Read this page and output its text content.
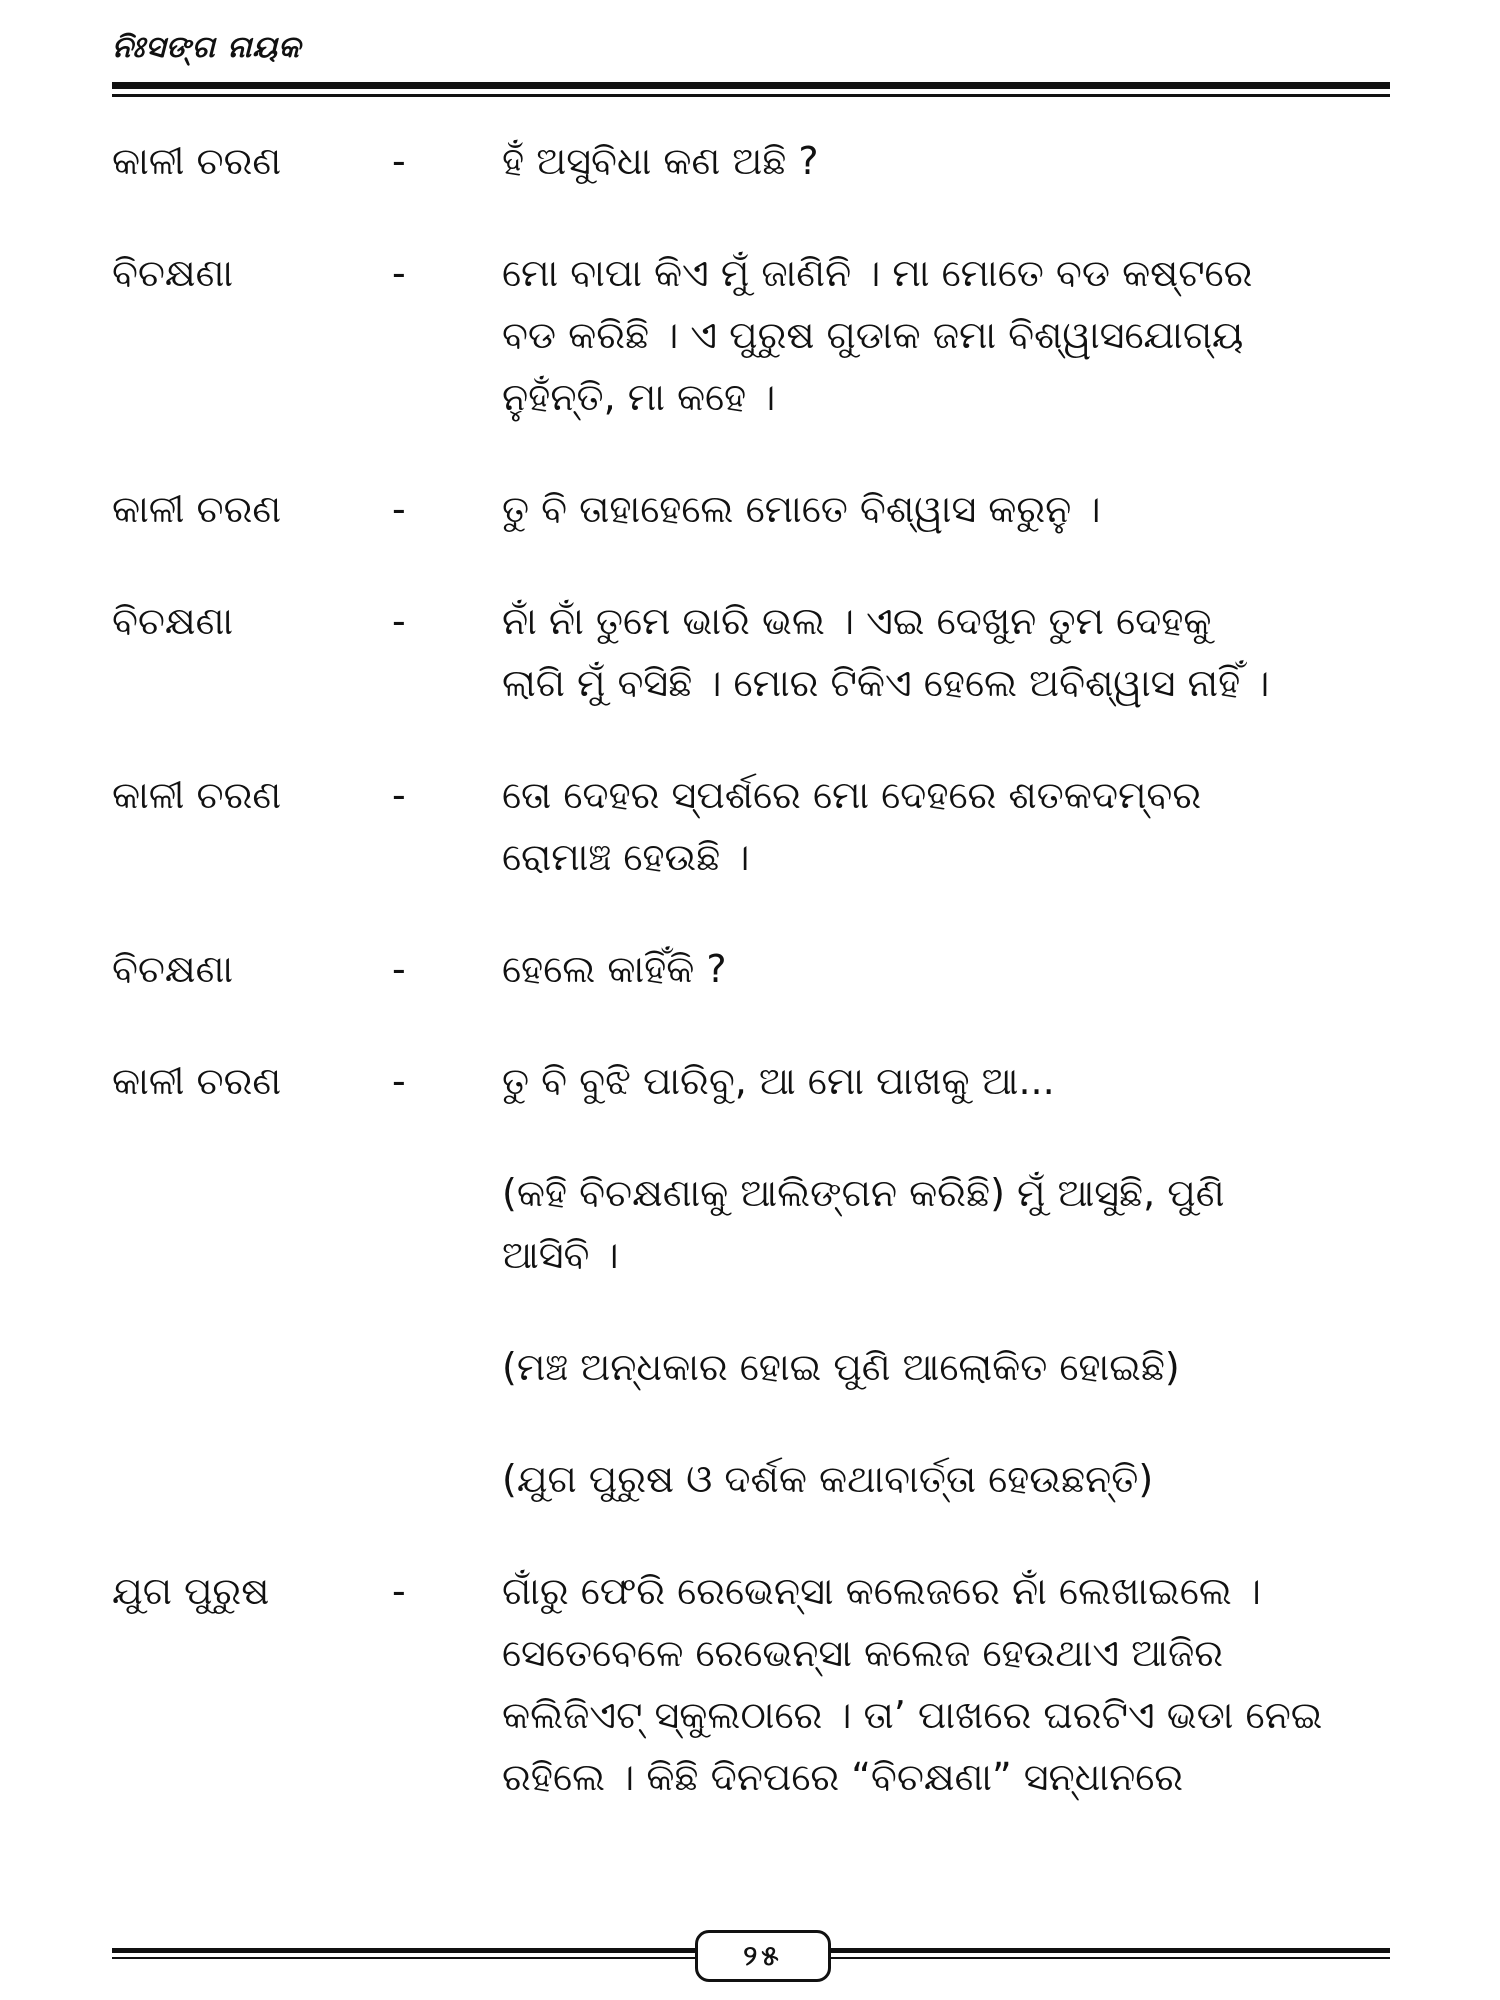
ନିଃସଙ୍ଗ ନାୟକ
କାଳୀ ଚରଣ	-	ହଁ ଅସୁବିଧା କଣ ଅଛି ?
ବିଚକ୍ଷଣା	-	ମୋ ବାପା କିଏ ମୁଁ ଜାଣିନି । ମା ମୋତେ ବଡ କଷ୍ଟରେ
ବଡ କରିଛି । ଏ ପୁରୁଷ ଗୁଡାକ ଜମା ବିଶ୍ୱାସଯୋଗ୍ୟ
ନୁହଁନ୍ତି, ମା କହେ ।
କାଳୀ ଚରଣ	-	ତୁ ବି ତାହାହେଲେ ମୋତେ ବିଶ୍ୱାସ କରୁନୁ ।
ବିଚକ୍ଷଣା	-	ନାଁ ନାଁ ତୁମେ ଭାରି ଭଲ । ଏଇ ଦେଖୁନ ତୁମ ଦେହକୁ
ଲାଗି ମୁଁ ବସିଛି । ମୋର ଟିକିଏ ହେଲେ ଅବିଶ୍ୱାସ ନାହିଁ ।
କାଳୀ ଚରଣ	-	ତୋ ଦେହର ସ୍ପର୍ଶରେ ମୋ ଦେହରେ ଶତକଦମ୍ବର
ରୋମାଞ୍ଚ ହେଉଛି ।
ବିଚକ୍ଷଣା	-	ହେଲେ କାହିଁକି ?
କାଳୀ ଚରଣ	-	ତୁ ବି ବୁଝି ପାରିବୁ, ଆ ମୋ ପାଖକୁ ଆ...
(କହି ବିଚକ୍ଷଣାକୁ ଆଲିଙ୍ଗନ କରିଛି) ମୁଁ ଆସୁଛି, ପୁଣି
ଆସିବି ।
(ମଞ୍ଚ ଅନ୍ଧକାର ହୋଇ ପୁଣି ଆଲୋକିତ ହୋଇଛି)
(ଯୁଗ ପୁରୁଷ ଓ ଦର୍ଶକ କଥାବାର୍ତ୍ତା ହେଉଛନ୍ତି)
ଯୁଗ ପୁରୁଷ	-	ଗାଁରୁ ଫେରି ରେଭେନ୍ସା କଲେଜରେ ନାଁ ଲେଖାଇଲେ ।
ସେତେବେଳେ ରେଭେନ୍ସା କଲେଜ ହେଉଥାଏ ଆଜିର
କଲିଜିଏଟ୍ ସ୍କୁଲଠାରେ । ତା’ ପାଖରେ ଘରଟିଏ ଭଡା ନେଇ
ରହିଲେ । କିଛି ଦିନପରେ “ବିଚକ୍ଷଣା” ସନ୍ଧାନରେ
୨୫
